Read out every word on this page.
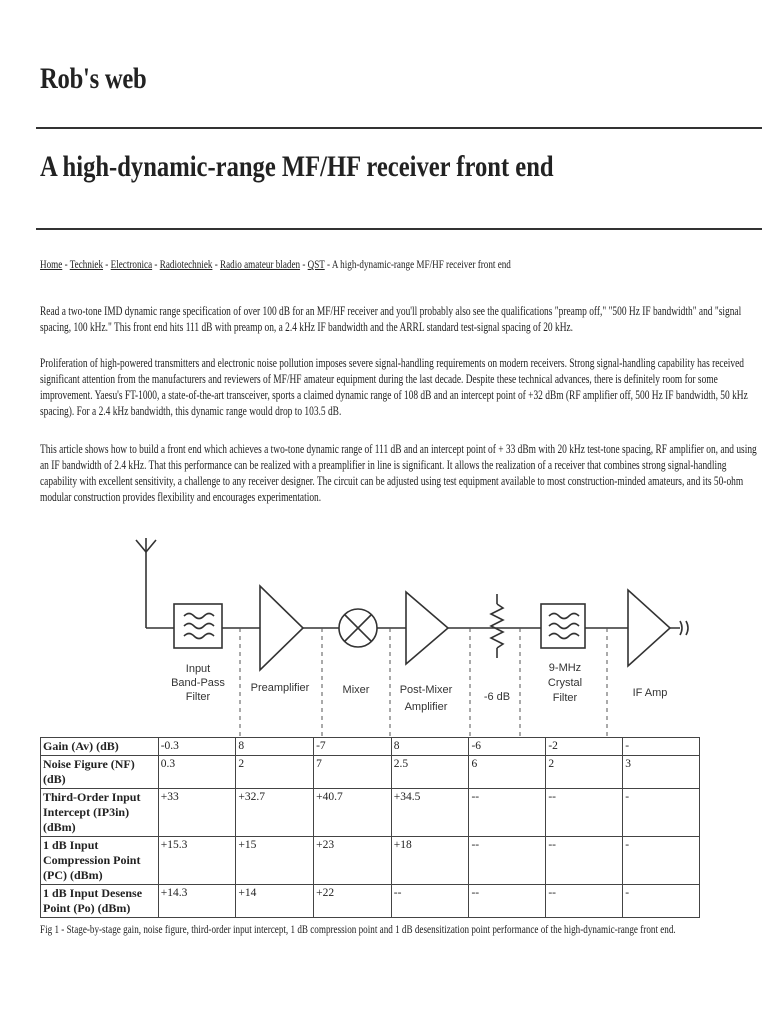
Rob's web
A high-dynamic-range MF/HF receiver front end
Home - Techniek - Electronica - Radiotechniek - Radio amateur bladen - QST - A high-dynamic-range MF/HF receiver front end

Read a two-tone IMD dynamic range specification of over 100 dB for an MF/HF receiver and you'll probably also see the qualifications "preamp off," "500 Hz IF bandwidth" and "signal spacing, 100 kHz." This front end hits 111 dB with preamp on, a 2.4 kHz IF bandwidth and the ARRL standard test-signal spacing of 20 kHz.

Proliferation of high-powered transmitters and electronic noise pollution imposes severe signal-handling requirements on modern receivers. Strong signal-handling capability has received significant attention from the manufacturers and reviewers of MF/HF amateur equipment during the last decade. Despite these technical advances, there is definitely room for some improvement. Yaesu's FT-1000, a state-of-the-art transceiver, sports a claimed dynamic range of 108 dB and an intercept point of +32 dBm (RF amplifier off, 500 Hz IF bandwidth, 50 kHz spacing). For a 2.4 kHz bandwidth, this dynamic range would drop to 103.5 dB.

This article shows how to build a front end which achieves a two-tone dynamic range of 111 dB and an intercept point of + 33 dBm with 20 kHz test-tone spacing, RF amplifier on, and using an IF bandwidth of 2.4 kHz. That this performance can be realized with a preamplifier in line is significant. It allows the realization of a receiver that combines strong signal-handling capability with excellent sensitivity, a challenge to any receiver designer. The circuit can be adjusted using test equipment available to most construction-minded amateurs, and its 50-ohm modular construction provides flexibility and encourages experimentation.

Input
Band-Pass
Filter
Preamplifier	Mixer	Post-Mixer
Amplifier
-6 dB
9-MHz
Crystal
Filter	IF Amp
Gain (Av) (dB)	-0.3	8	-7	8	-6	-2	-
Noise Figure (NF) (dB)	0.3	2	7	2.5	6	2	3
Third-Order Input Intercept (IP3in) (dBm)	+33	+32.7	+40.7	+34.5	--	--	-
1 dB Input Compression Point (PC) (dBm)	+15.3	+15	+23	+18	--	--	-
1 dB Input Desense Point (Po) (dBm)	+14.3	+14	+22	--	--	--	-
Fig 1 - Stage-by-stage gain, noise figure, third-order input intercept, 1 dB compression point and 1 dB desensitization point performance of the high-dynamic-range front end.
